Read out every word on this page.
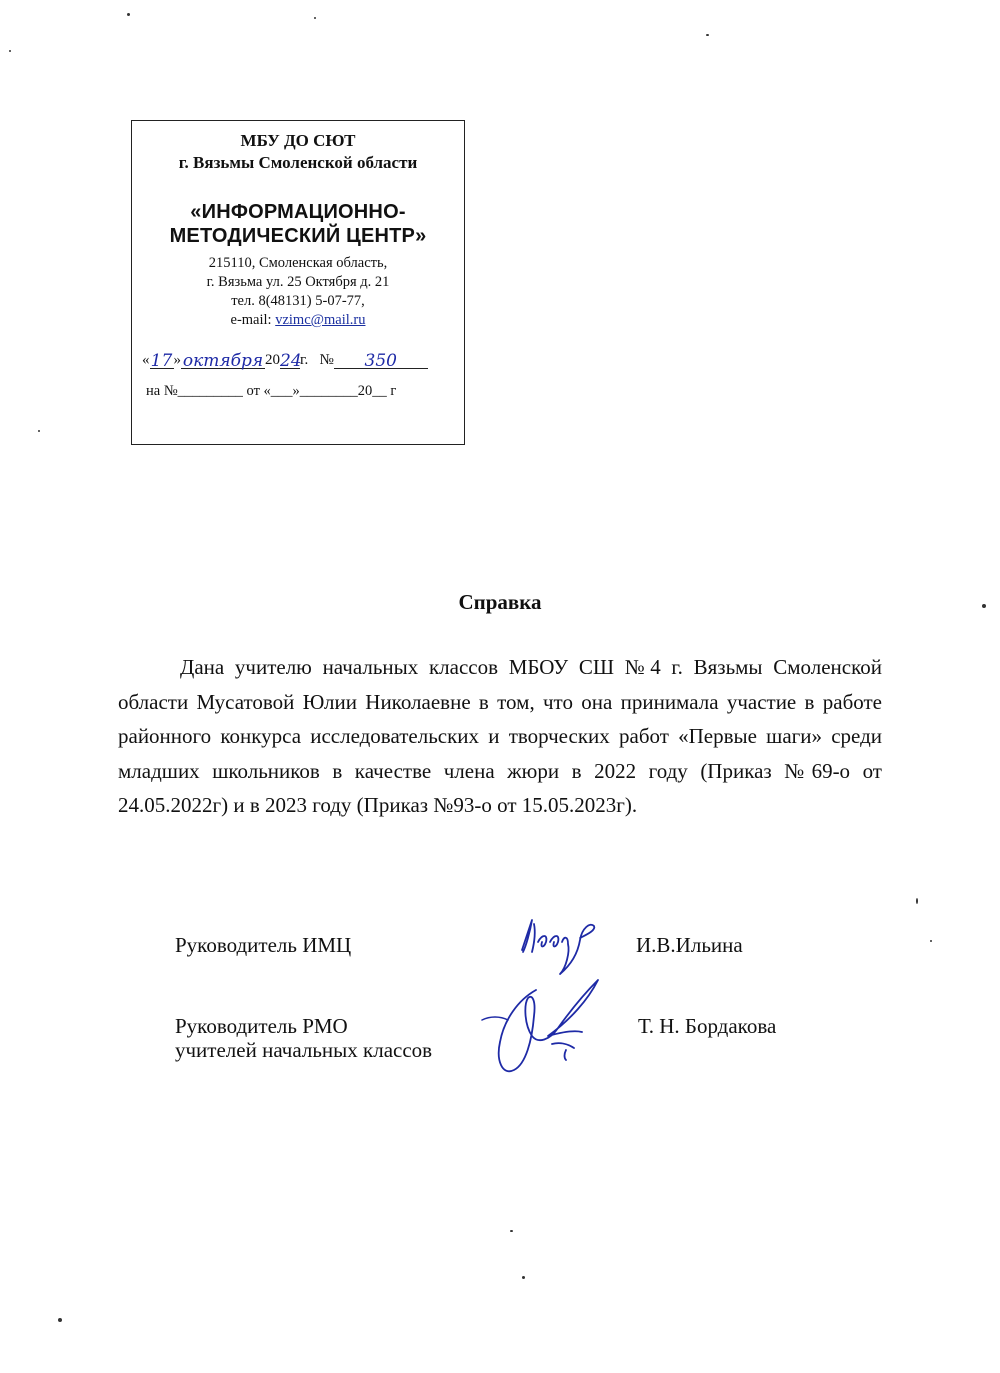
МБУ ДО СЮТ
г. Вязьмы Смоленской области
«ИНФОРМАЦИОННО-
МЕТОДИЧЕСКИЙ ЦЕНТР»
215110, Смоленская область,
г. Вязьма ул. 25 Октября д. 21
тел. 8(48131) 5-07-77,
e-mail: vzimc@mail.ru
«17» октября 2024г. № 350
на №_________ от «___»________20__ г
Справка
Дана учителю начальных классов МБОУ СШ №4 г. Вязьмы Смоленской области Мусатовой Юлии Николаевне в том, что она принимала участие в работе районного конкурса исследовательских и творческих работ «Первые шаги» среди младших школьников в качестве члена жюри в 2022 году (Приказ №69-о от 24.05.2022г) и в 2023 году (Приказ №93-о от 15.05.2023г).
Руководитель ИМЦ	И.В.Ильина
Руководитель РМО
учителей начальных классов
Т. Н. Бордакова
